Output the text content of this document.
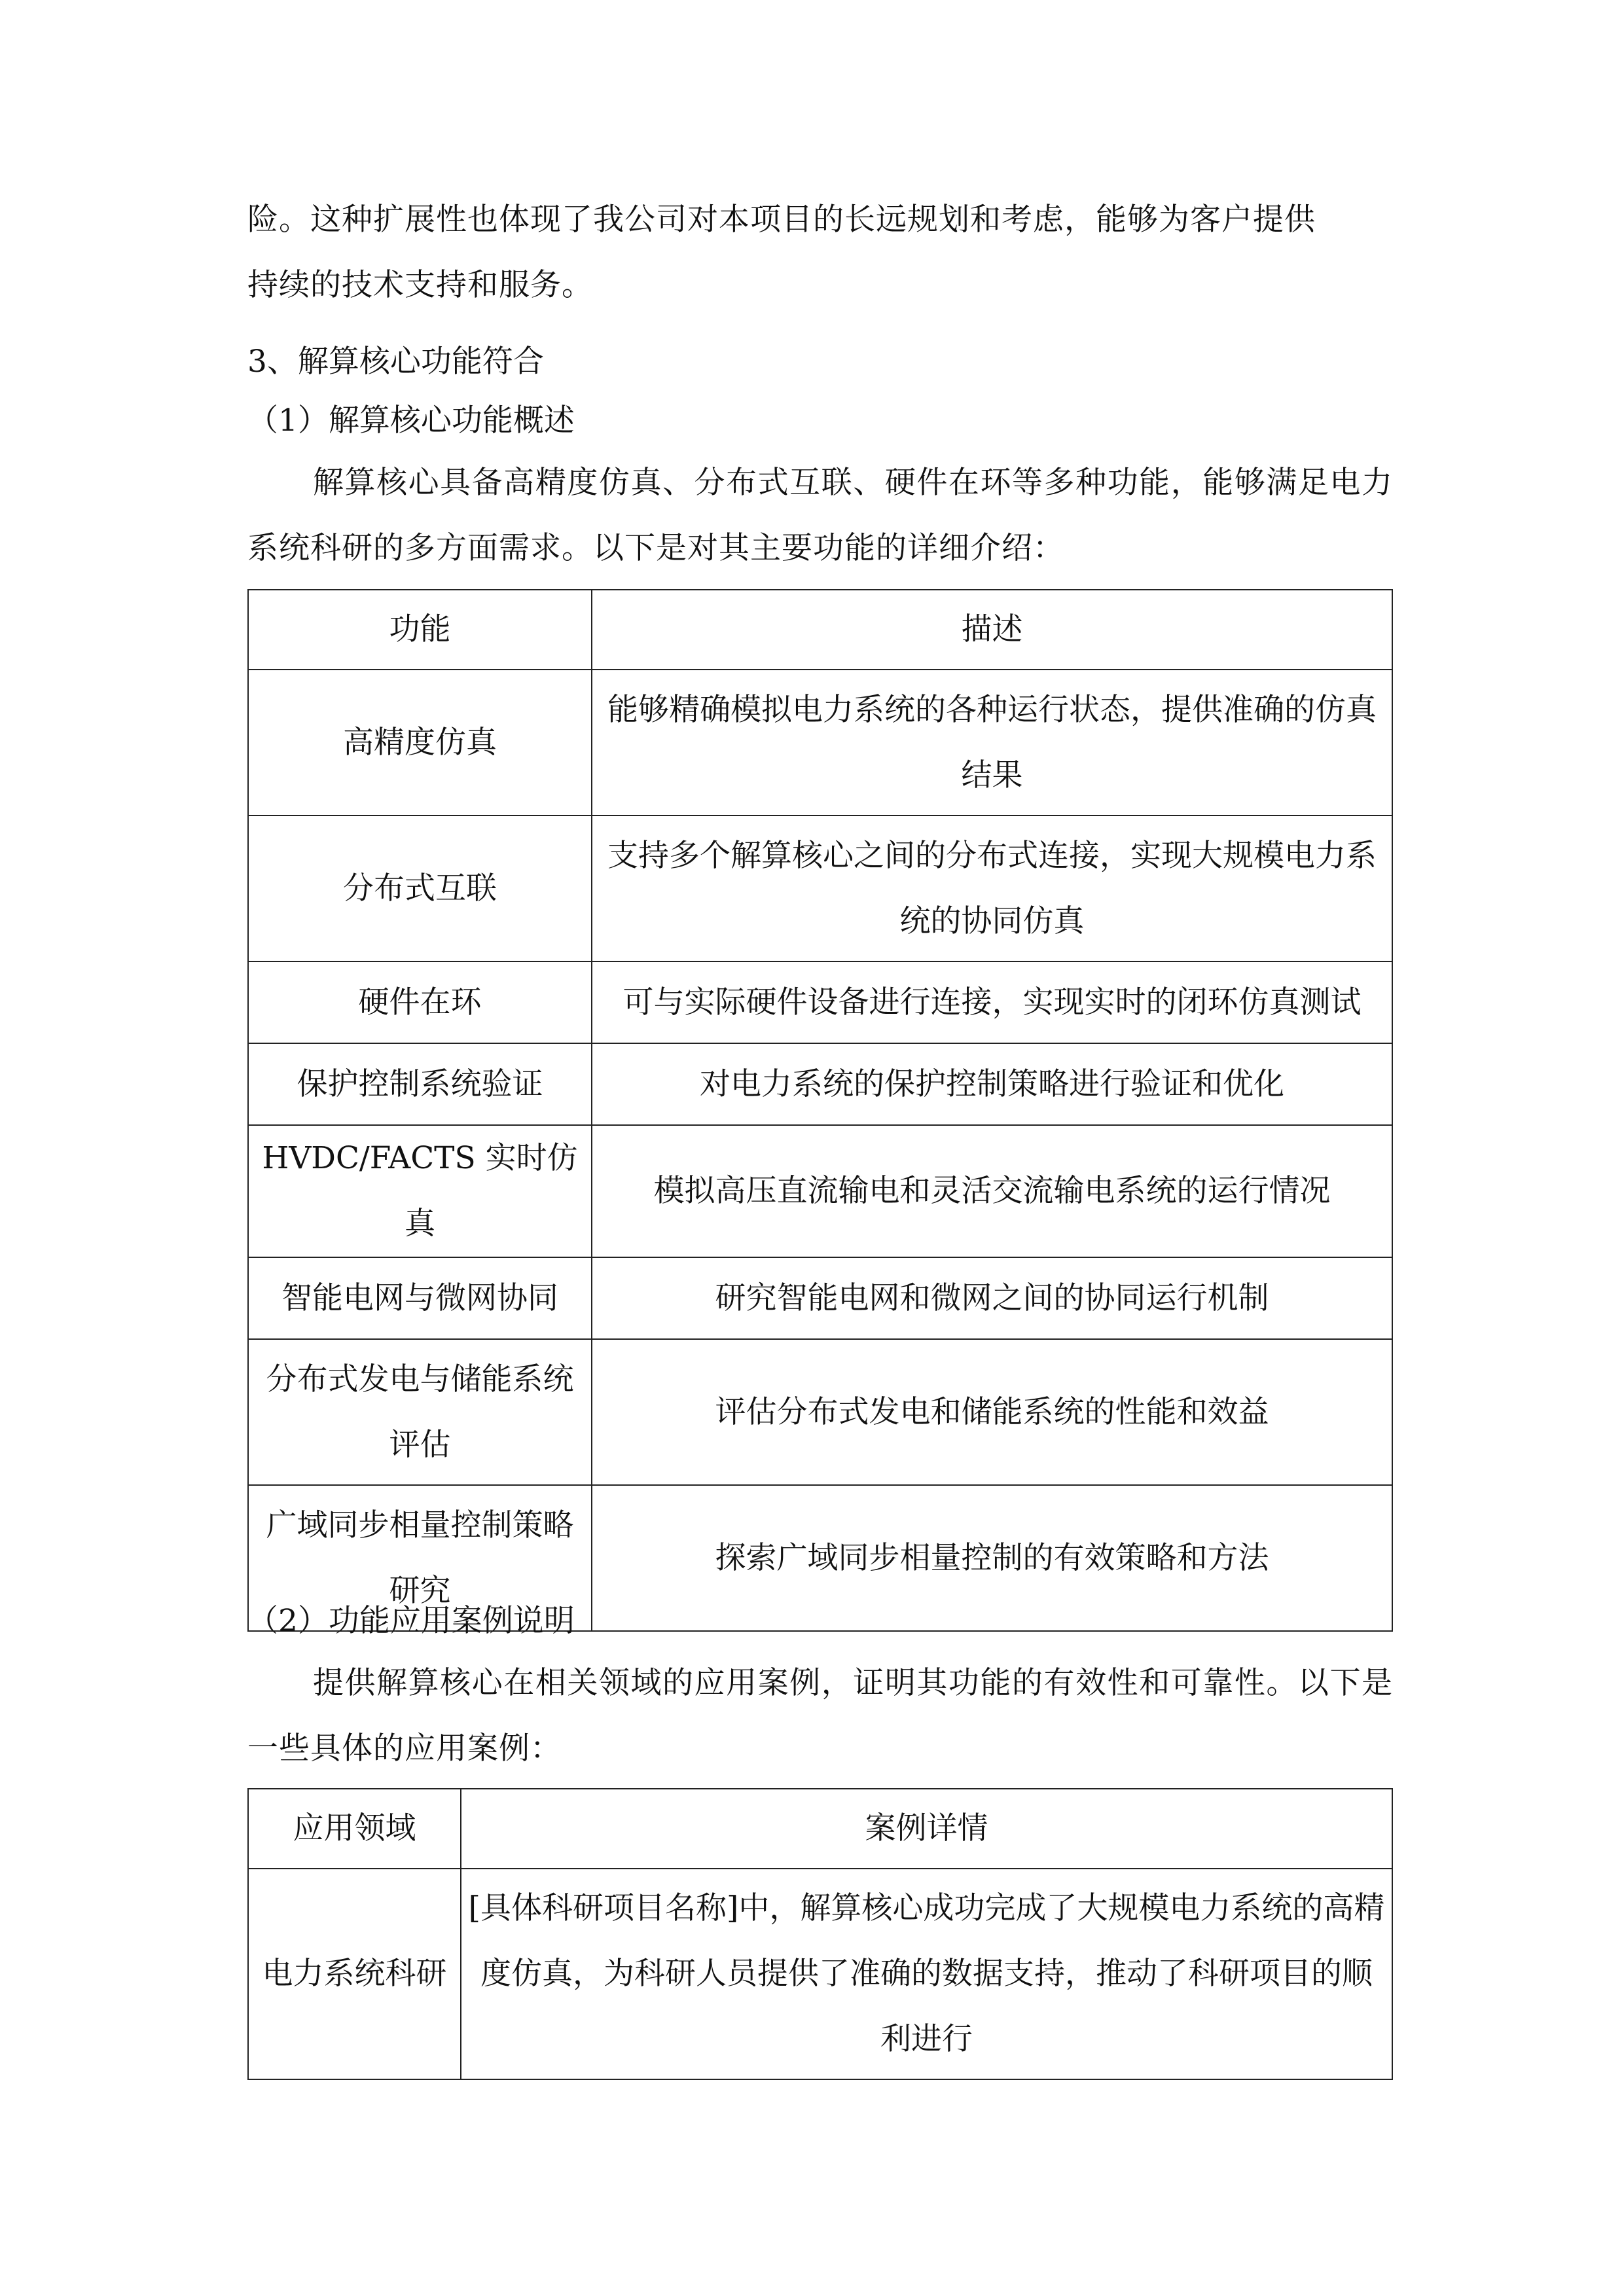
险。这种扩展性也体现了我公司对本项目的长远规划和考虑，能够为客户提供

持续的技术支持和服务。

3、解算核心功能符合

（1）解算核心功能概述

解算核心具备高精度仿真、分布式互联、硬件在环等多种功能，能够满足电力系统科研的多方面需求。以下是对其主要功能的详细介绍：

功能	描述
高精度仿真	能够精确模拟电力系统的各种运行状态，提供准确的仿真结果
分布式互联	支持多个解算核心之间的分布式连接，实现大规模电力系统的协同仿真
硬件在环	可与实际硬件设备进行连接，实现实时的闭环仿真测试
保护控制系统验证	对电力系统的保护控制策略进行验证和优化
HVDC/FACTS 实时仿真	模拟高压直流输电和灵活交流输电系统的运行情况
智能电网与微网协同	研究智能电网和微网之间的协同运行机制
分布式发电与储能系统评估	评估分布式发电和储能系统的性能和效益
广域同步相量控制策略研究	探索广域同步相量控制的有效策略和方法

（2）功能应用案例说明

提供解算核心在相关领域的应用案例，证明其功能的有效性和可靠性。以下是一些具体的应用案例：

应用领域	案例详情
电力系统科研	[具体科研项目名称]中，解算核心成功完成了大规模电力系统的高精度仿真，为科研人员提供了准确的数据支持，推动了科研项目的顺利进行
